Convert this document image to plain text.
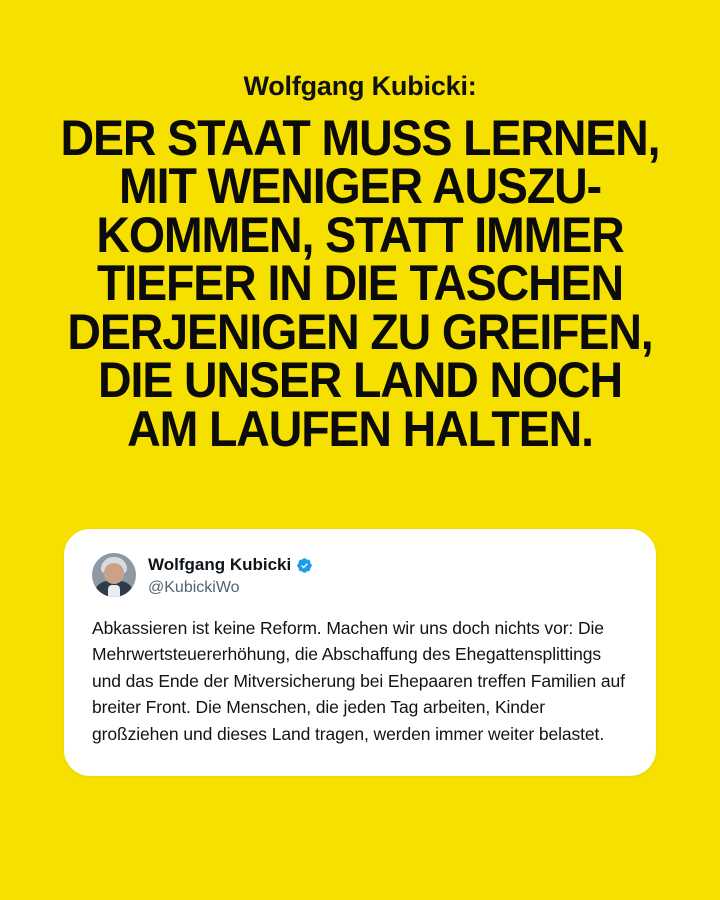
Wolfgang Kubicki:
DER STAAT MUSS LERNEN,
MIT WENIGER AUSZU-
KOMMEN, STATT IMMER
TIEFER IN DIE TASCHEN
DERJENIGEN ZU GREIFEN,
DIE UNSER LAND NOCH
AM LAUFEN HALTEN.
Wolfgang Kubicki
@KubickiWo

Abkassieren ist keine Reform. Machen wir uns doch nichts vor: Die Mehrwertsteuererhöhung, die Abschaffung des Ehegattensplittings und das Ende der Mitversicherung bei Ehepaaren treffen Familien auf breiter Front. Die Menschen, die jeden Tag arbeiten, Kinder großziehen und dieses Land tragen, werden immer weiter belastet.
